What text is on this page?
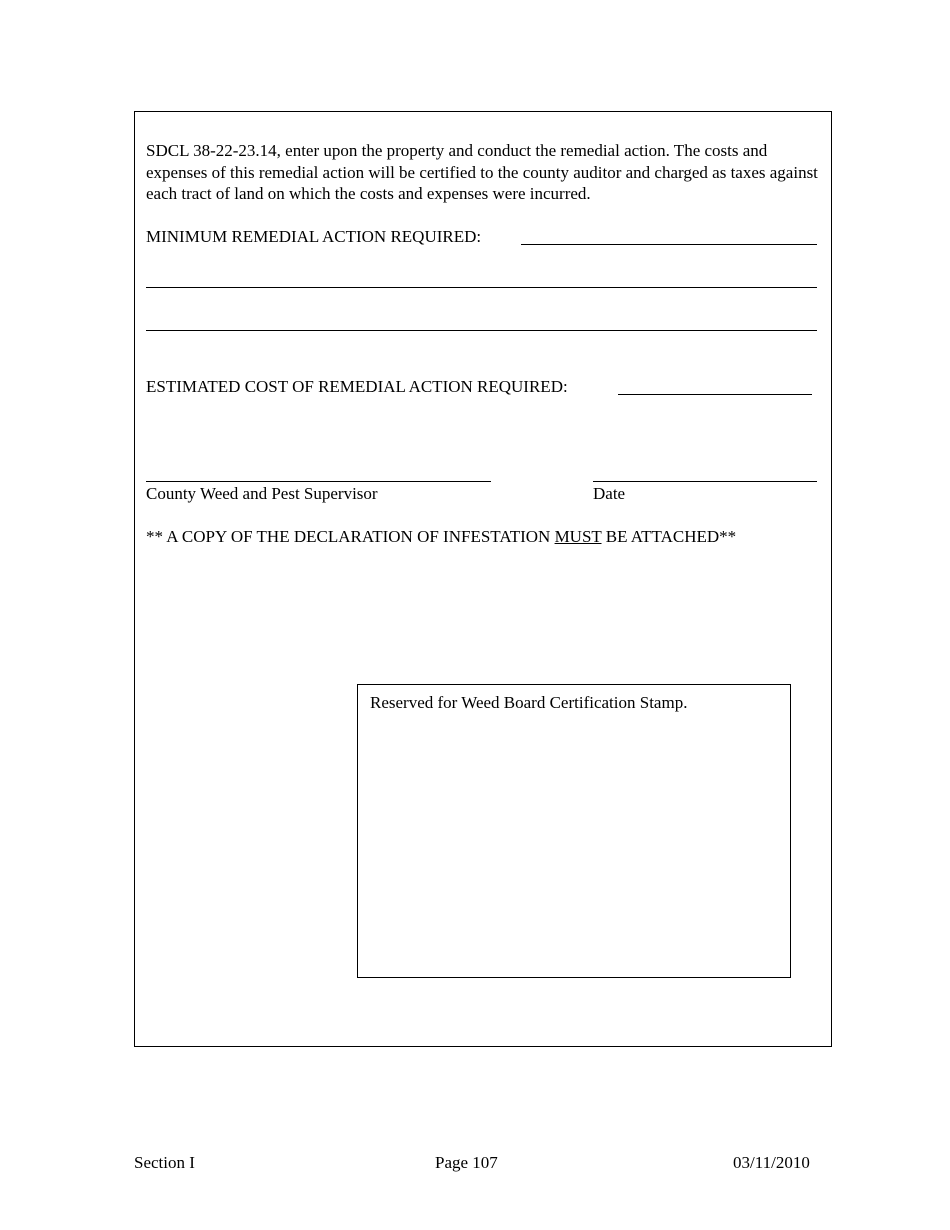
SDCL 38-22-23.14, enter upon the property and conduct the remedial action. The costs and expenses of this remedial action will be certified to the county auditor and charged as taxes against each tract of land on which the costs and expenses were incurred.
MINIMUM REMEDIAL ACTION REQUIRED:
ESTIMATED COST OF REMEDIAL ACTION REQUIRED:
County Weed and Pest Supervisor	Date
** A COPY OF THE DECLARATION OF INFESTATION MUST BE ATTACHED**
Reserved for Weed Board Certification Stamp.
Section I	Page 107	03/11/2010
